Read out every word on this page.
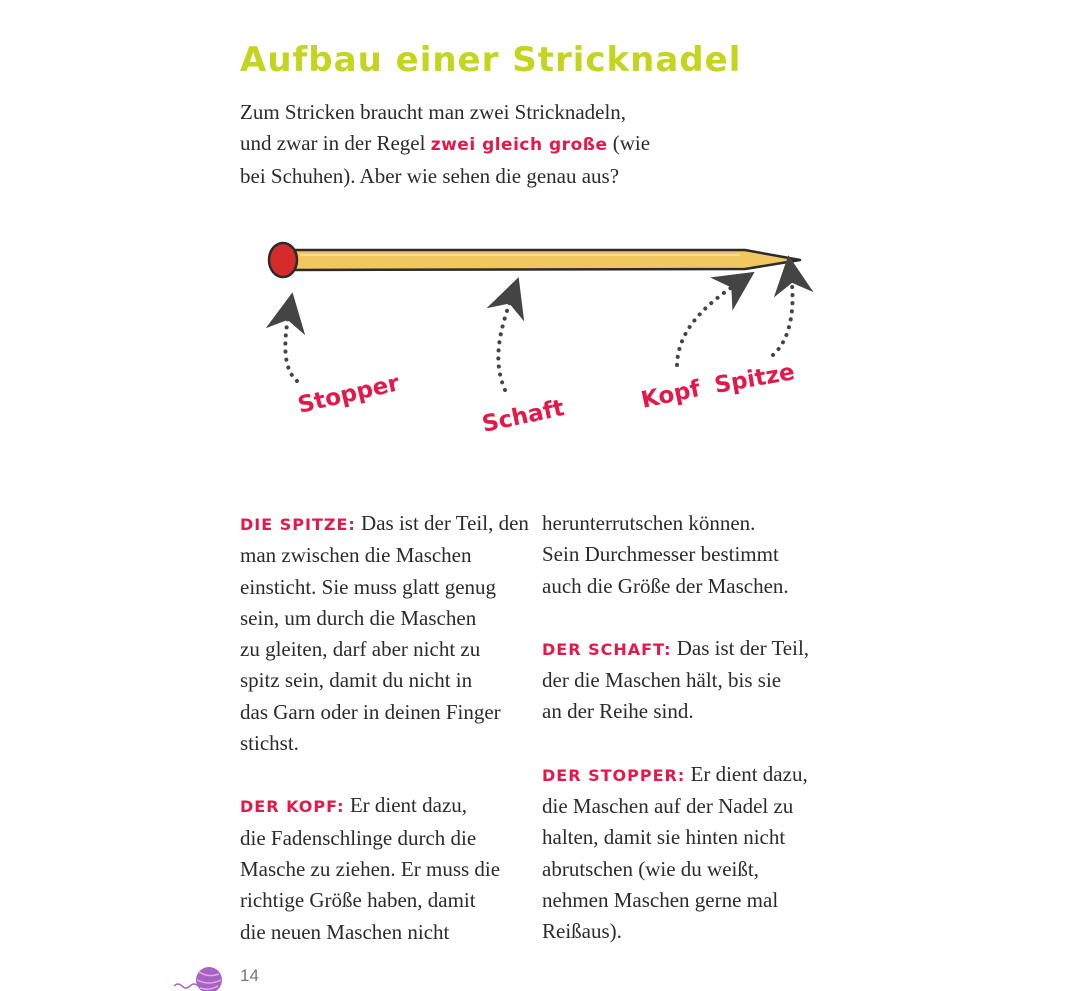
Aufbau einer Stricknadel
Zum Stricken braucht man zwei Stricknadeln,
und zwar in der Regel zwei gleich große (wie
bei Schuhen). Aber wie sehen die genau aus?
Stopper	Schaft
Kopf Spitze
DIE SPITZE: Das ist der Teil, den
man zwischen die Maschen
einsticht. Sie muss glatt genug
sein, um durch die Maschen
zu gleiten, darf aber nicht zu
spitz sein, damit du nicht in
das Garn oder in deinen Finger
stichst.
DER KOPF: Er dient dazu,
die Fadenschlinge durch die
Masche zu ziehen. Er muss die
richtige Größe haben, damit
die neuen Maschen nicht
herunterrutschen können.
Sein Durchmesser bestimmt
auch die Größe der Maschen.
DER SCHAFT: Das ist der Teil,
der die Maschen hält, bis sie
an der Reihe sind.
DER STOPPER: Er dient dazu,
die Maschen auf der Nadel zu
halten, damit sie hinten nicht
abrutschen (wie du weißt,
nehmen Maschen gerne mal
Reißaus).
14
